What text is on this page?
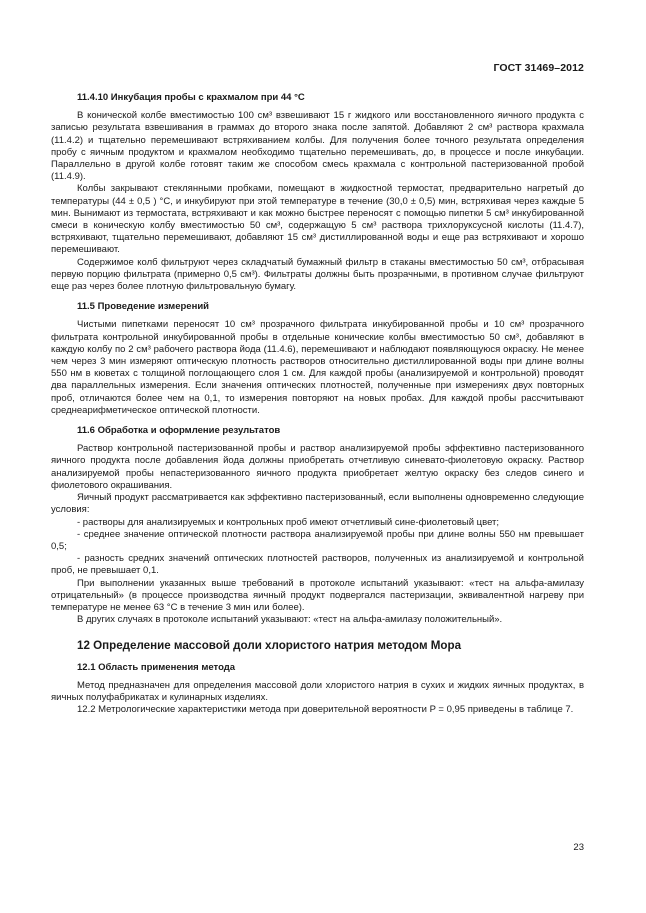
ГОСТ 31469–2012
11.4.10 Инкубация пробы с крахмалом при 44 °С

В конической колбе вместимостью 100 см³ взвешивают 15 г жидкого или восстановленного яичного продукта с записью результата взвешивания в граммах до второго знака после запятой. Добавляют 2 см³ раствора крахмала (11.4.2) и тщательно перемешивают встряхиванием колбы. Для получения более точного результата определения пробу с яичным продуктом и крахмалом необходимо тщательно перемешивать, до, в процессе и после инкубации. Параллельно в другой колбе готовят таким же способом смесь крахмала с контрольной пастеризованной пробой (11.4.9).

Колбы закрывают стеклянными пробками, помещают в жидкостной термостат, предварительно нагретый до температуры (44 ± 0,5 ) °С, и инкубируют при этой температуре в течение (30,0 ± 0,5) мин, встряхивая через каждые 5 мин. Вынимают из термостата, встряхивают и как можно быстрее переносят с помощью пипетки 5 см³ инкубированной смеси в коническую колбу вместимостью 50 см³, содержащую 5 см³ раствора трихлоруксусной кислоты (11.4.7), встряхивают, тщательно перемешивают, добавляют 15 см³ дистиллированной воды и еще раз встряхивают и хорошо перемешивают.

Содержимое колб фильтруют через складчатый бумажный фильтр в стаканы вместимостью 50 см³, отбрасывая первую порцию фильтрата (примерно 0,5 см³). Фильтраты должны быть прозрачными, в противном случае фильтруют еще раз через более плотную фильтровальную бумагу.

11.5 Проведение измерений

Чистыми пипетками переносят 10 см³ прозрачного фильтрата инкубированной пробы и 10 см³ прозрачного фильтрата контрольной инкубированной пробы в отдельные конические колбы вместимостью 50 см³, добавляют в каждую колбу по 2 см³ рабочего раствора йода (11.4.6), перемешивают и наблюдают появляющуюся окраску. Не менее чем через 3 мин измеряют оптическую плотность растворов относительно дистиллированной воды при длине волны 550 нм в кюветах с толщиной поглощающего слоя 1 см. Для каждой пробы (анализируемой и контрольной) проводят два параллельных измерения. Если значения оптических плотностей, полученные при измерениях двух повторных проб, отличаются более чем на 0,1, то измерения повторяют на новых пробах. Для каждой пробы рассчитывают среднеарифметическое оптической плотности.

11.6 Обработка и оформление результатов

Раствор контрольной пастеризованной пробы и раствор анализируемой пробы эффективно пастеризованного яичного продукта после добавления йода должны приобретать отчетливую синевато-фиолетовую окраску. Раствор анализируемой пробы непастеризованного яичного продукта приобретает желтую окраску без следов синего и фиолетового окрашивания.

Яичный продукт рассматривается как эффективно пастеризованный, если выполнены одновременно следующие условия:

- растворы для анализируемых и контрольных проб имеют отчетливый сине-фиолетовый цвет;

- среднее значение оптической плотности раствора анализируемой пробы при длине волны 550 нм превышает 0,5;

- разность средних значений оптических плотностей растворов, полученных из анализируемой и контрольной проб, не превышает 0,1.

При выполнении указанных выше требований в протоколе испытаний указывают: «тест на альфа-амилазу отрицательный» (в процессе производства яичный продукт подвергался пастеризации, эквивалентной нагреву при температуре не менее 63 °С в течение 3 мин или более).

В других случаях в протоколе испытаний указывают: «тест на альфа-амилазу положительный».

12 Определение массовой доли хлористого натрия методом Мора
12.1 Область применения метода

Метод предназначен для определения массовой доли хлористого натрия в сухих и жидких яичных продуктах, в яичных полуфабрикатах и кулинарных изделиях.

12.2 Метрологические характеристики метода при доверительной вероятности P = 0,95 приведены в таблице 7.

23
